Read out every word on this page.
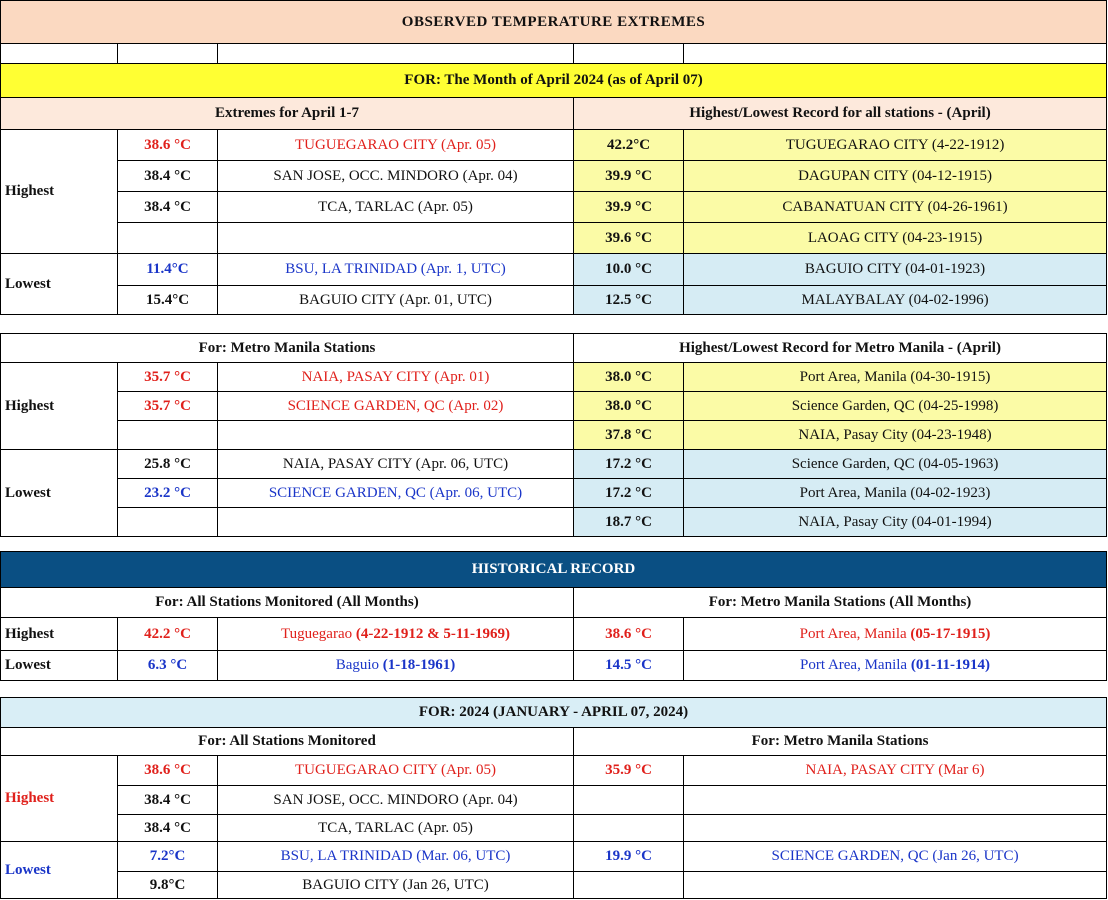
OBSERVED TEMPERATURE EXTREMES				

FOR: The Month of April 2024 (as of April 07)				
Extremes for April 1-7			Highest/Lowest Record for all stations - (April)	
Highest	38.6 °C	TUGUEGARAO CITY (Apr. 05)	42.2°C	TUGUEGARAO CITY (4-22-1912)
	38.4 °C	SAN JOSE, OCC. MINDORO (Apr. 04)	39.9 °C	DAGUPAN CITY (04-12-1915)
	38.4 °C	TCA, TARLAC (Apr. 05)	39.9 °C	CABANATUAN CITY (04-26-1961)
			39.6 °C	LAOAG CITY (04-23-1915)
Lowest	11.4°C	BSU, LA TRINIDAD (Apr. 1, UTC)	10.0 °C	BAGUIO CITY (04-01-1923)
	15.4°C	BAGUIO CITY (Apr. 01, UTC)	12.5 °C	MALAYBALAY (04-02-1996)
For: Metro Manila Stations			Highest/Lowest Record for Metro Manila - (April)	
Highest	35.7 °C	NAIA, PASAY CITY (Apr. 01)	38.0 °C	Port Area, Manila (04-30-1915)
	35.7 °C	SCIENCE GARDEN, QC (Apr. 02)	38.0 °C	Science Garden, QC (04-25-1998)
			37.8 °C	NAIA, Pasay City (04-23-1948)
Lowest	25.8 °C	NAIA, PASAY CITY (Apr. 06, UTC)	17.2 °C	Science Garden, QC (04-05-1963)
	23.2 °C	SCIENCE GARDEN, QC (Apr. 06, UTC)	17.2 °C	Port Area, Manila (04-02-1923)
			18.7 °C	NAIA, Pasay City (04-01-1994)
HISTORICAL RECORD				
For: All Stations Monitored (All Months)			For: Metro Manila Stations (All Months)	
Highest	42.2 °C	Tuguegarao (4-22-1912 & 5-11-1969)	38.6 °C	Port Area, Manila (05-17-1915)
Lowest	6.3 °C	Baguio (1-18-1961)	14.5 °C	Port Area, Manila (01-11-1914)
FOR: 2024 (JANUARY - APRIL 07, 2024)				
For: All Stations Monitored			For: Metro Manila Stations	
Highest	38.6 °C	TUGUEGARAO CITY (Apr. 05)	35.9 °C	NAIA, PASAY CITY (Mar 6)
	38.4 °C	SAN JOSE, OCC. MINDORO (Apr. 04)		
	38.4 °C	TCA, TARLAC (Apr. 05)		
Lowest	7.2°C	BSU, LA TRINIDAD (Mar. 06, UTC)	19.9 °C	SCIENCE GARDEN, QC (Jan 26, UTC)
	9.8°C	BAGUIO CITY (Jan 26, UTC)		
